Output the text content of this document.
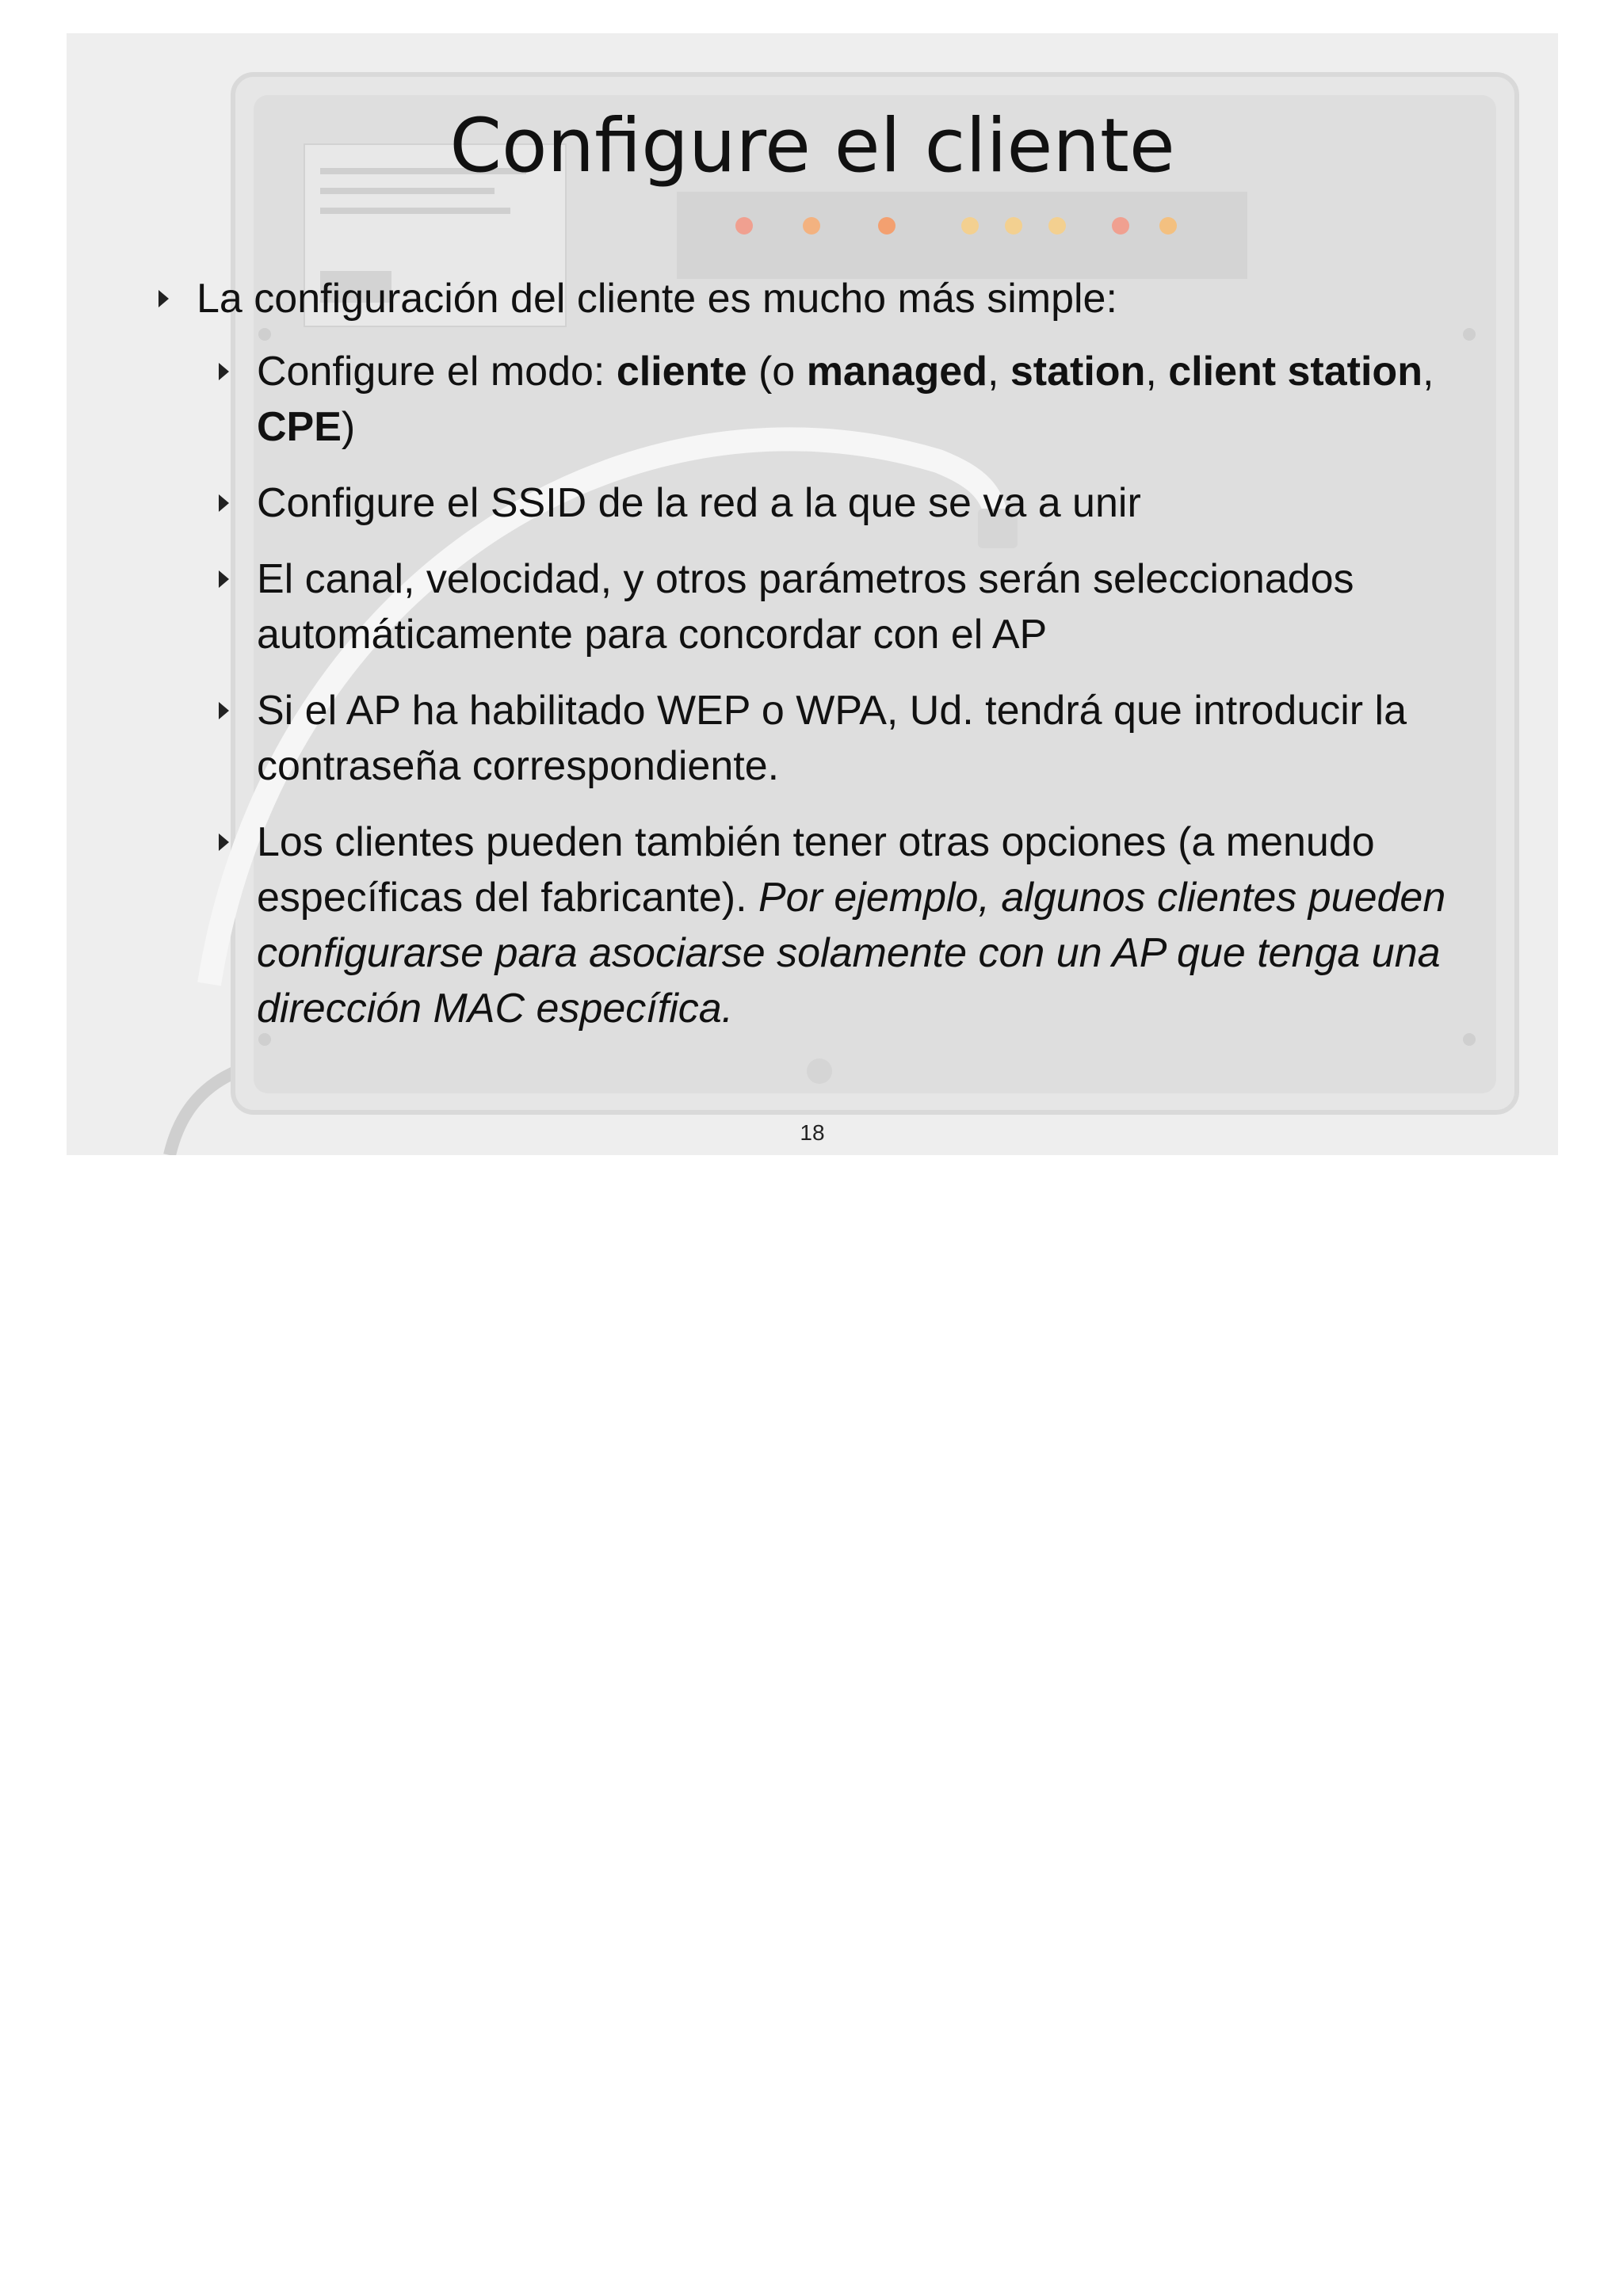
Configure el cliente
La configuración del cliente es mucho más simple:
Configure el modo: cliente (o managed, station, client station, CPE)
Configure el SSID de la red a la que se va a unir
El canal, velocidad, y otros parámetros serán seleccionados automáticamente para concordar con el AP
Si el AP ha habilitado WEP o WPA, Ud. tendrá que introducir la contraseña correspondiente.
Los clientes pueden también tener otras opciones (a menudo específicas del fabricante). Por ejemplo, algunos clientes pueden configurarse para asociarse solamente con un AP que tenga una dirección MAC específica.
18
